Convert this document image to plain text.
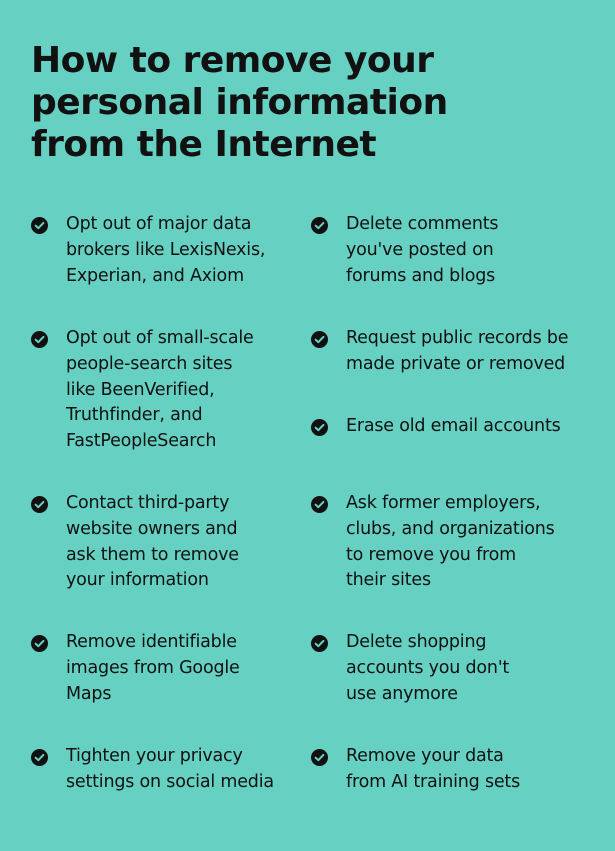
How to remove your
personal information
from the Internet
Opt out of major data
brokers like LexisNexis,
Experian, and Axiom
Opt out of small-scale
people-search sites
like BeenVerified,
Truthfinder, and
FastPeopleSearch
Contact third-party
website owners and
ask them to remove
your information
Remove identifiable
images from Google
Maps
Tighten your privacy
settings on social media
Delete comments
you've posted on
forums and blogs
Request public records be
made private or removed
Erase old email accounts
Ask former employers,
clubs, and organizations
to remove you from
their sites
Delete shopping
accounts you don't
use anymore
Remove your data
from AI training sets
